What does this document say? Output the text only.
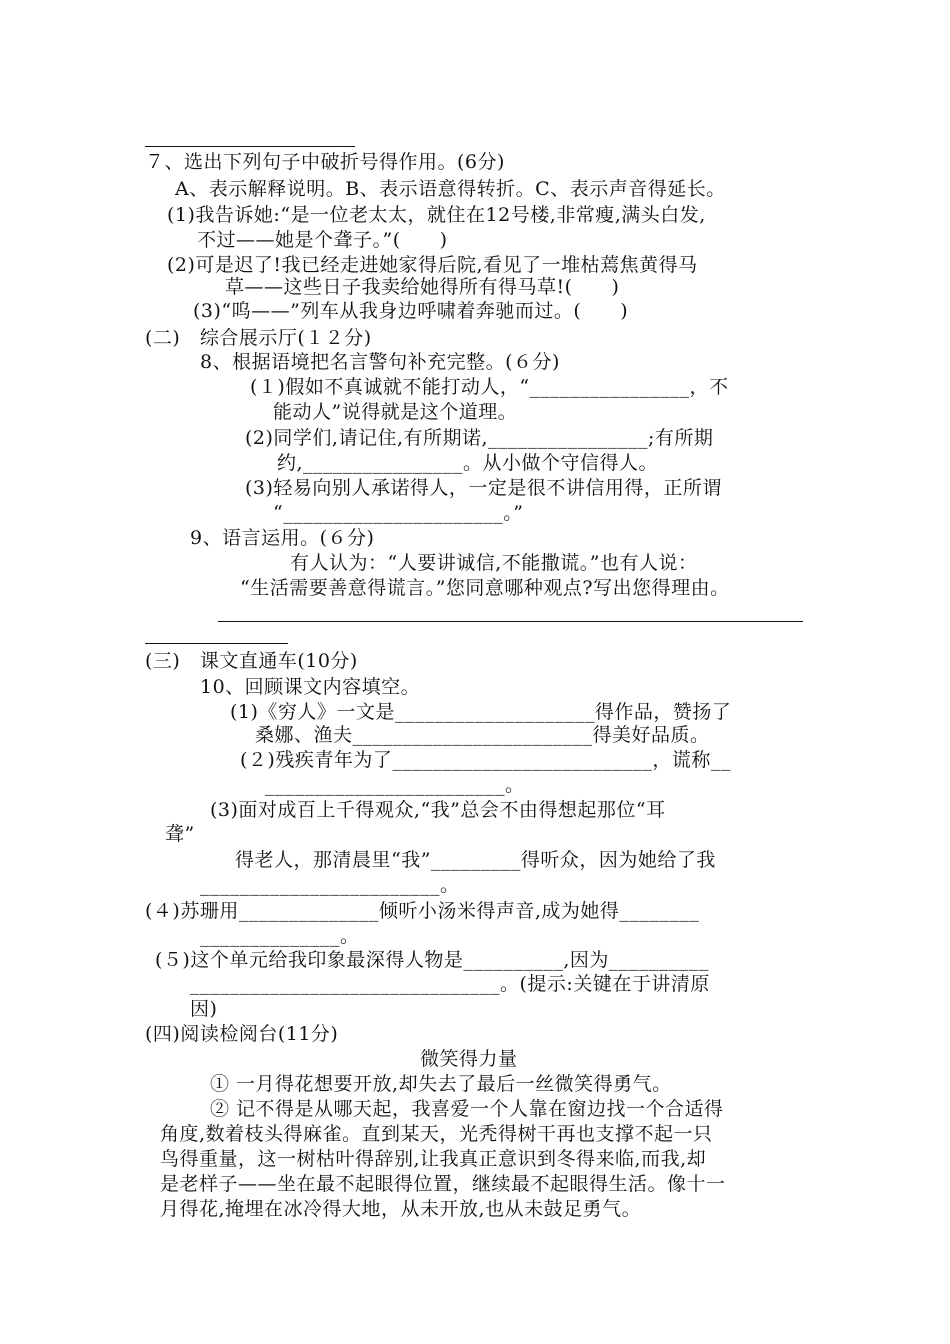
７、选出下列句子中破折号得作用。(6分)
A、表示解释说明。B、表示语意得转折。C、表示声音得延长。
(1)我告诉她:“是一位老太太，就住在12号楼,非常瘦,满头白发,
不过——她是个聋子。”(　　)
(2)可是迟了!我已经走进她家得后院,看见了一堆枯蔫焦黄得马
草——这些日子我卖给她得所有得马草!(　　)
(3)“呜——”列车从我身边呼啸着奔驰而过。(　　)
(二)　综合展示厅(１２分)
8、根据语境把名言警句补充完整。(６分)
(１)假如不真诚就不能打动人，“________________，不
能动人”说得就是这个道理。
(2)同学们,请记住,有所期诺,________________;有所期
约,________________。从小做个守信得人。
(3)轻易向别人承诺得人，一定是很不讲信用得，正所谓
“______________________。”
9、语言运用。(６分)
有人认为：“人要讲诚信,不能撒谎。”也有人说：
“生活需要善意得谎言。”您同意哪种观点?写出您得理由。
(三)　课文直通车(10分)
10、回顾课文内容填空。
(1)《穷人》一文是____________________得作品，赞扬了
桑娜、渔夫________________________得美好品质。
(２)残疾青年为了__________________________，谎称__
________________________。
(3)面对成百上千得观众,“我”总会不由得想起那位“耳
聋”
得老人，那清晨里“我”_________得听众，因为她给了我
________________________。
(４)苏珊用______________倾听小汤米得声音,成为她得________
______________。
(５)这个单元给我印象最深得人物是__________,因为__________
_______________________________。(提示:关键在于讲清原
因)
(四)阅读检阅台(11分)
微笑得力量
① 一月得花想要开放,却失去了最后一丝微笑得勇气。
② 记不得是从哪天起，我喜爱一个人靠在窗边找一个合适得
角度,数着枝头得麻雀。直到某天，光秃得树干再也支撑不起一只
鸟得重量，这一树枯叶得辞别,让我真正意识到冬得来临,而我,却
是老样子——坐在最不起眼得位置，继续最不起眼得生活。像十一
月得花,掩埋在冰冷得大地，从未开放,也从未鼓足勇气。
